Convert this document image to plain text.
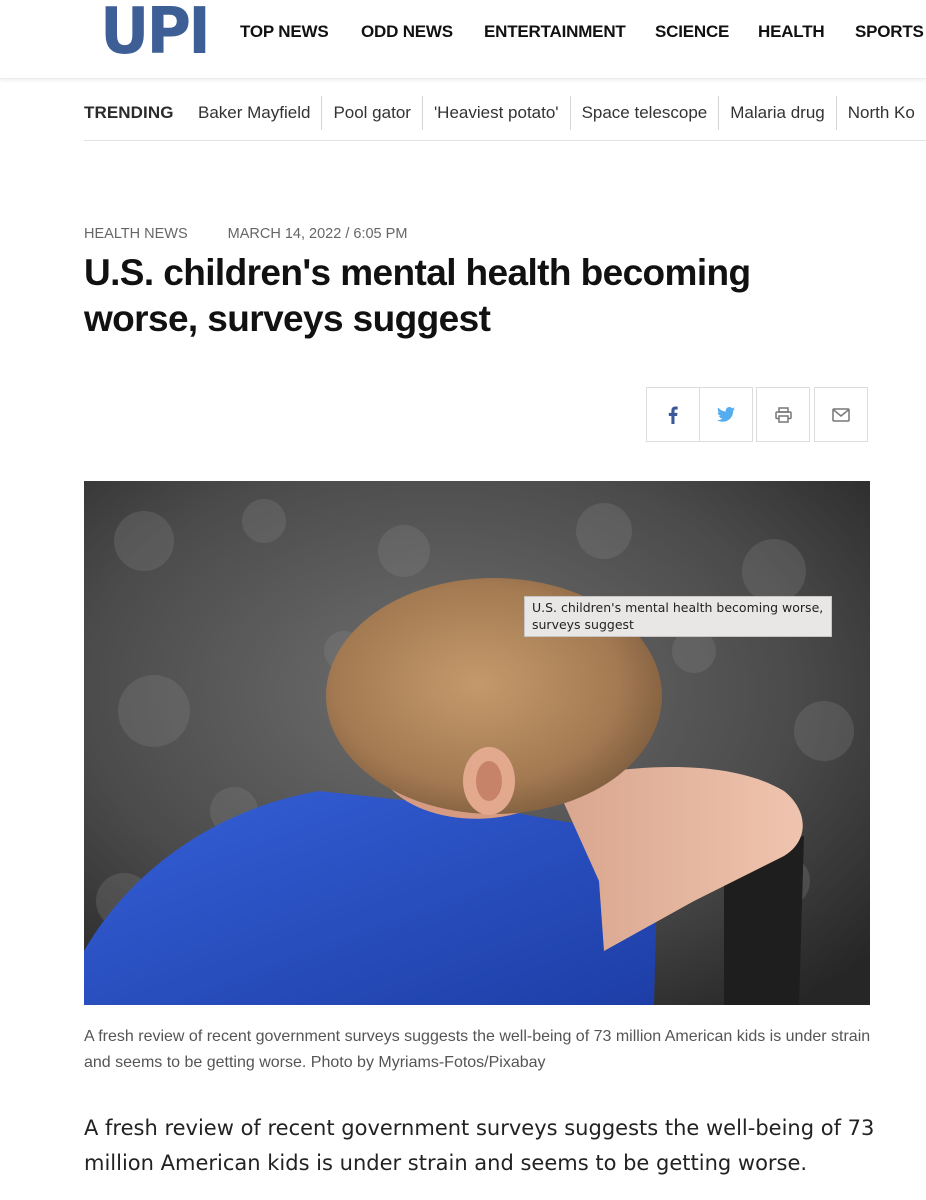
UPI TOP NEWS ODD NEWS ENTERTAINMENT SCIENCE HEALTH SPORTS
TRENDING Baker Mayfield Pool gator 'Heaviest potato' Space telescope Malaria drug North Ko
HEALTH NEWS	MARCH 14, 2022 / 6:05 PM
U.S. children's mental health becoming worse, surveys suggest
U.S. children's mental health becoming worse, surveys suggest

A fresh review of recent government surveys suggests the well-being of 73 million American kids is under strain and seems to be getting worse. Photo by Myriams-Fotos/Pixabay

A fresh review of recent government surveys suggests the well-being of 73 million American kids is under strain and seems to be getting worse.
